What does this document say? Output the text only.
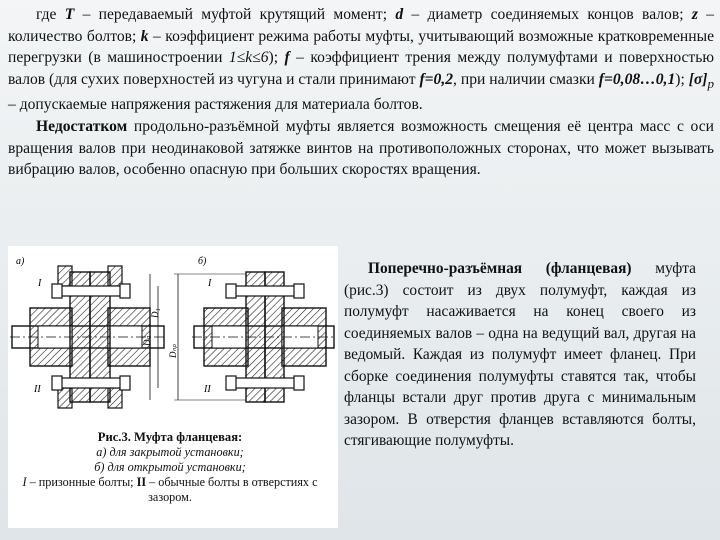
где T – передаваемый муфтой крутящий момент; d – диаметр соединяемых концов валов; z – количество болтов; k – коэффициент режима работы муфты, учитывающий возможные кратковременные перегрузки (в машиностроении 1≤k≤6); f – коэффициент трения между полумуфтами и поверхностью валов (для сухих поверхностей из чугуна и стали принимают f=0,2, при наличии смазки f=0,08…0,1); $[\sigma]_p$ – допускаемые напряжения растяжения для материала болтов.

Недостатком продольно-разъёмной муфты является возможность смещения её центра масс с оси вращения валов при неодинаковой затяжке винтов на противоположных сторонах, что может вызывать вибрацию валов, особенно опасную при больших скоростях вращения.

а)
I
II
D₁
Dₙ
б)
I
II
Dₙₚ
Рис.3. Муфта фланцевая:
а) для закрытой установки;
б) для открытой установки;
I – призонные болты; II – обычные болты в отверстиях с зазором.
Поперечно-разъёмная (фланцевая) муфта (рис.3) состоит из двух полумуфт, каждая из полумуфт насаживается на конец своего из соединяемых валов – одна на ведущий вал, другая на ведомый. Каждая из полумуфт имеет фланец. При сборке соединения полумуфты ставятся так, чтобы фланцы встали друг против друга с минимальным зазором. В отверстия фланцев вставляются болты, стягивающие полумуфты.
